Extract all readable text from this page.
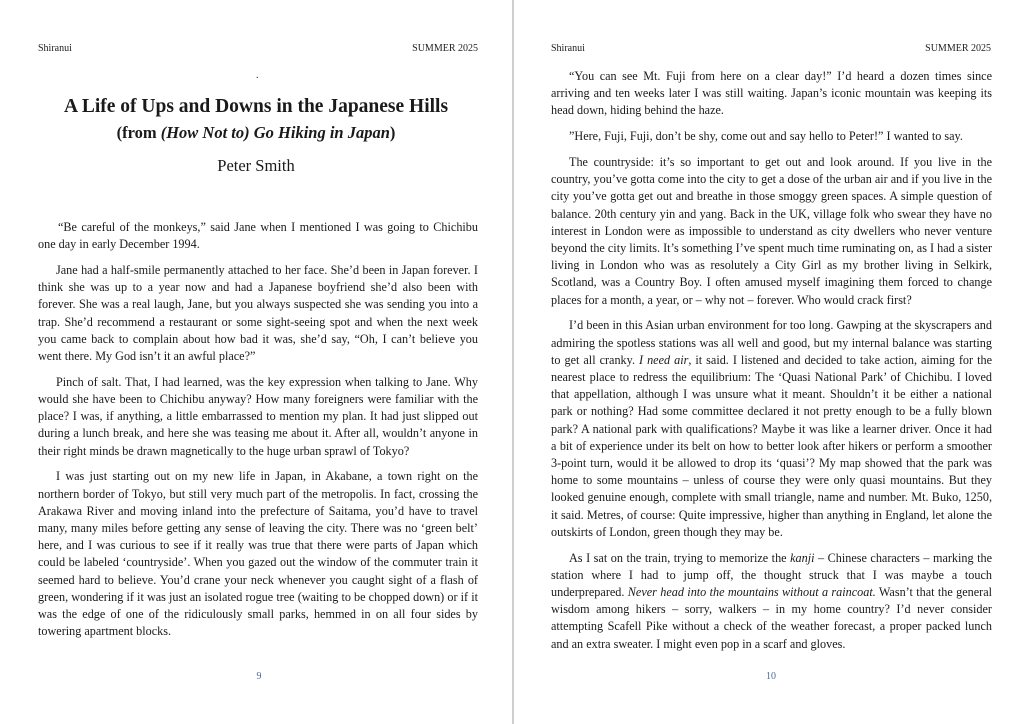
Shiranui	SUMMER 2025
.
A Life of Ups and Downs in the Japanese Hills
(from (How Not to) Go Hiking in Japan)
Peter Smith

“Be careful of the monkeys,” said Jane when I mentioned I was going to Chichibu one day in early December 1994.

Jane had a half-smile permanently attached to her face. She’d been in Japan forever. I think she was up to a year now and had a Japanese boyfriend she’d also been with forever. She was a real laugh, Jane, but you always suspected she was sending you into a trap. She’d recommend a restaurant or some sight-seeing spot and when the next week you came back to complain about how bad it was, she’d say, “Oh, I can’t believe you went there. My God isn’t it an awful place?”

Pinch of salt. That, I had learned, was the key expression when talking to Jane. Why would she have been to Chichibu anyway? How many foreigners were familiar with the place? I was, if anything, a little embarrassed to mention my plan. It had just slipped out during a lunch break, and here she was teasing me about it. After all, wouldn’t anyone in their right minds be drawn magnetically to the huge urban sprawl of Tokyo?

I was just starting out on my new life in Japan, in Akabane, a town right on the northern border of Tokyo, but still very much part of the metropolis. In fact, crossing the Arakawa River and moving inland into the prefecture of Saitama, you’d have to travel many, many miles before getting any sense of leaving the city. There was no ‘green belt’ here, and I was curious to see if it really was true that there were parts of Japan which could be labeled ‘countryside’. When you gazed out the window of the commuter train it seemed hard to believe. You’d crane your neck whenever you caught sight of a flash of green, wondering if it was just an isolated rogue tree (waiting to be chopped down) or if it was the edge of one of the ridiculously small parks, hemmed in on all four sides by towering apartment blocks.

9
Shiranui	SUMMER 2025

“You can see Mt. Fuji from here on a clear day!” I’d heard a dozen times since arriving and ten weeks later I was still waiting. Japan’s iconic mountain was keeping its head down, hiding behind the haze.

”Here, Fuji, Fuji, don’t be shy, come out and say hello to Peter!” I wanted to say.

The countryside: it’s so important to get out and look around. If you live in the country, you’ve gotta come into the city to get a dose of the urban air and if you live in the city you’ve gotta get out and breathe in those smoggy green spaces. A simple question of balance. 20th century yin and yang. Back in the UK, village folk who swear they have no interest in London were as impossible to understand as city dwellers who never venture beyond the city limits. It’s something I’ve spent much time ruminating on, as I had a sister living in London who was as resolutely a City Girl as my brother living in Selkirk, Scotland, was a Country Boy. I often amused myself imagining them forced to change places for a month, a year, or – why not – forever. Who would crack first?

I’d been in this Asian urban environment for too long. Gawping at the skyscrapers and admiring the spotless stations was all well and good, but my internal balance was starting to get all cranky. I need air, it said. I listened and decided to take action, aiming for the nearest place to redress the equilibrium: The ‘Quasi National Park’ of Chichibu. I loved that appellation, although I was unsure what it meant. Shouldn’t it be either a national park or nothing? Had some committee declared it not pretty enough to be a fully blown park? A national park with qualifications? Maybe it was like a learner driver. Once it had a bit of experience under its belt on how to better look after hikers or perform a smoother 3-point turn, would it be allowed to drop its ‘quasi’? My map showed that the park was home to some mountains – unless of course they were only quasi mountains. But they looked genuine enough, complete with small triangle, name and number. Mt. Buko, 1250, it said. Metres, of course: Quite impressive, higher than anything in England, let alone the outskirts of London, green though they may be.

As I sat on the train, trying to memorize the kanji – Chinese characters – marking the station where I had to jump off, the thought struck that I was maybe a touch underprepared. Never head into the mountains without a raincoat. Wasn’t that the general wisdom among hikers – sorry, walkers – in my home country? I’d never consider attempting Scafell Pike without a check of the weather forecast, a proper packed lunch and an extra sweater. I might even pop in a scarf and gloves.

10
